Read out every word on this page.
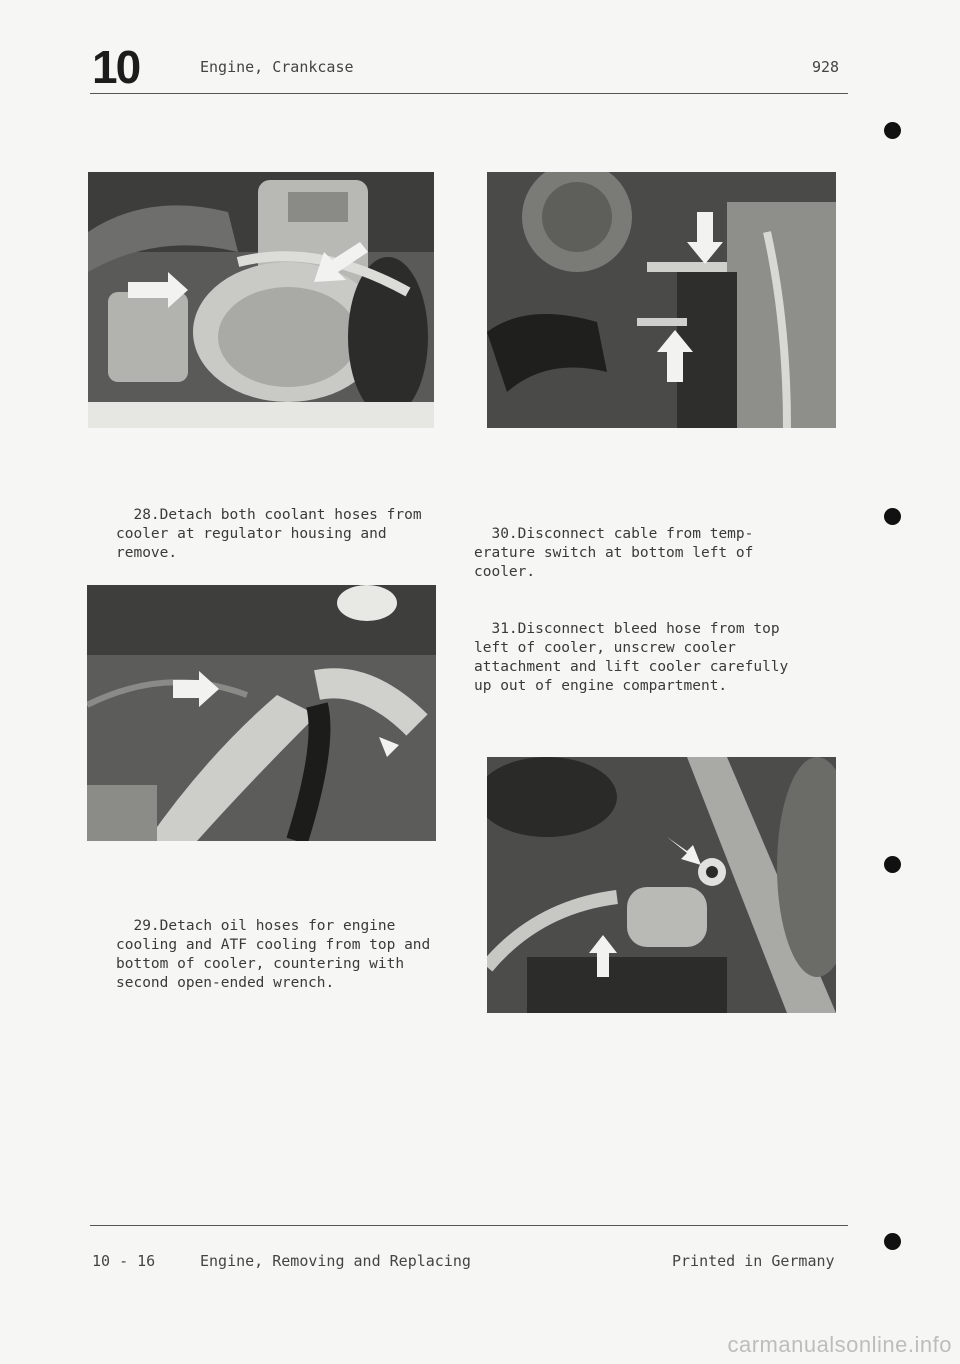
10	Engine, Crankcase	928

28.Detach both coolant hoses from cooler at regulator housing and remove.

29.Detach oil hoses for engine cooling and ATF cooling from top and bottom of cooler, countering with second open-ended wrench.

30.Disconnect cable from temp-erature switch at bottom left of cooler.

31.Disconnect bleed hose from top left of cooler, unscrew cooler attachment and lift cooler carefully up out of engine compartment.

10 - 16	Engine, Removing and Replacing	Printed in Germany
carmanualsonline.info
